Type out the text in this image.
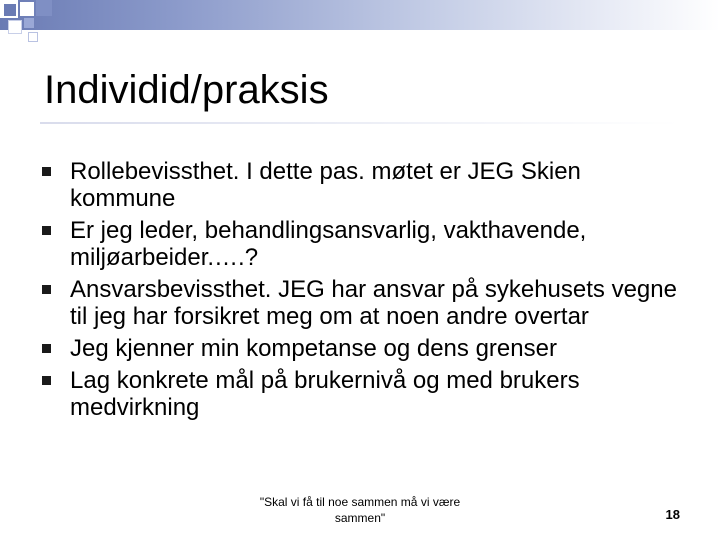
Individid/praksis
Rollebevissthet. I dette pas. møtet er JEG Skien kommune
Er jeg leder, behandlingsansvarlig, vakthavende, miljøarbeider.….?
Ansvarsbevissthet. JEG har ansvar på sykehusets vegne til jeg har forsikret meg om at noen andre overtar
Jeg kjenner min kompetanse og dens grenser
Lag konkrete mål på brukernivå og med brukers medvirkning
"Skal vi få til noe sammen må vi være
sammen"	18
